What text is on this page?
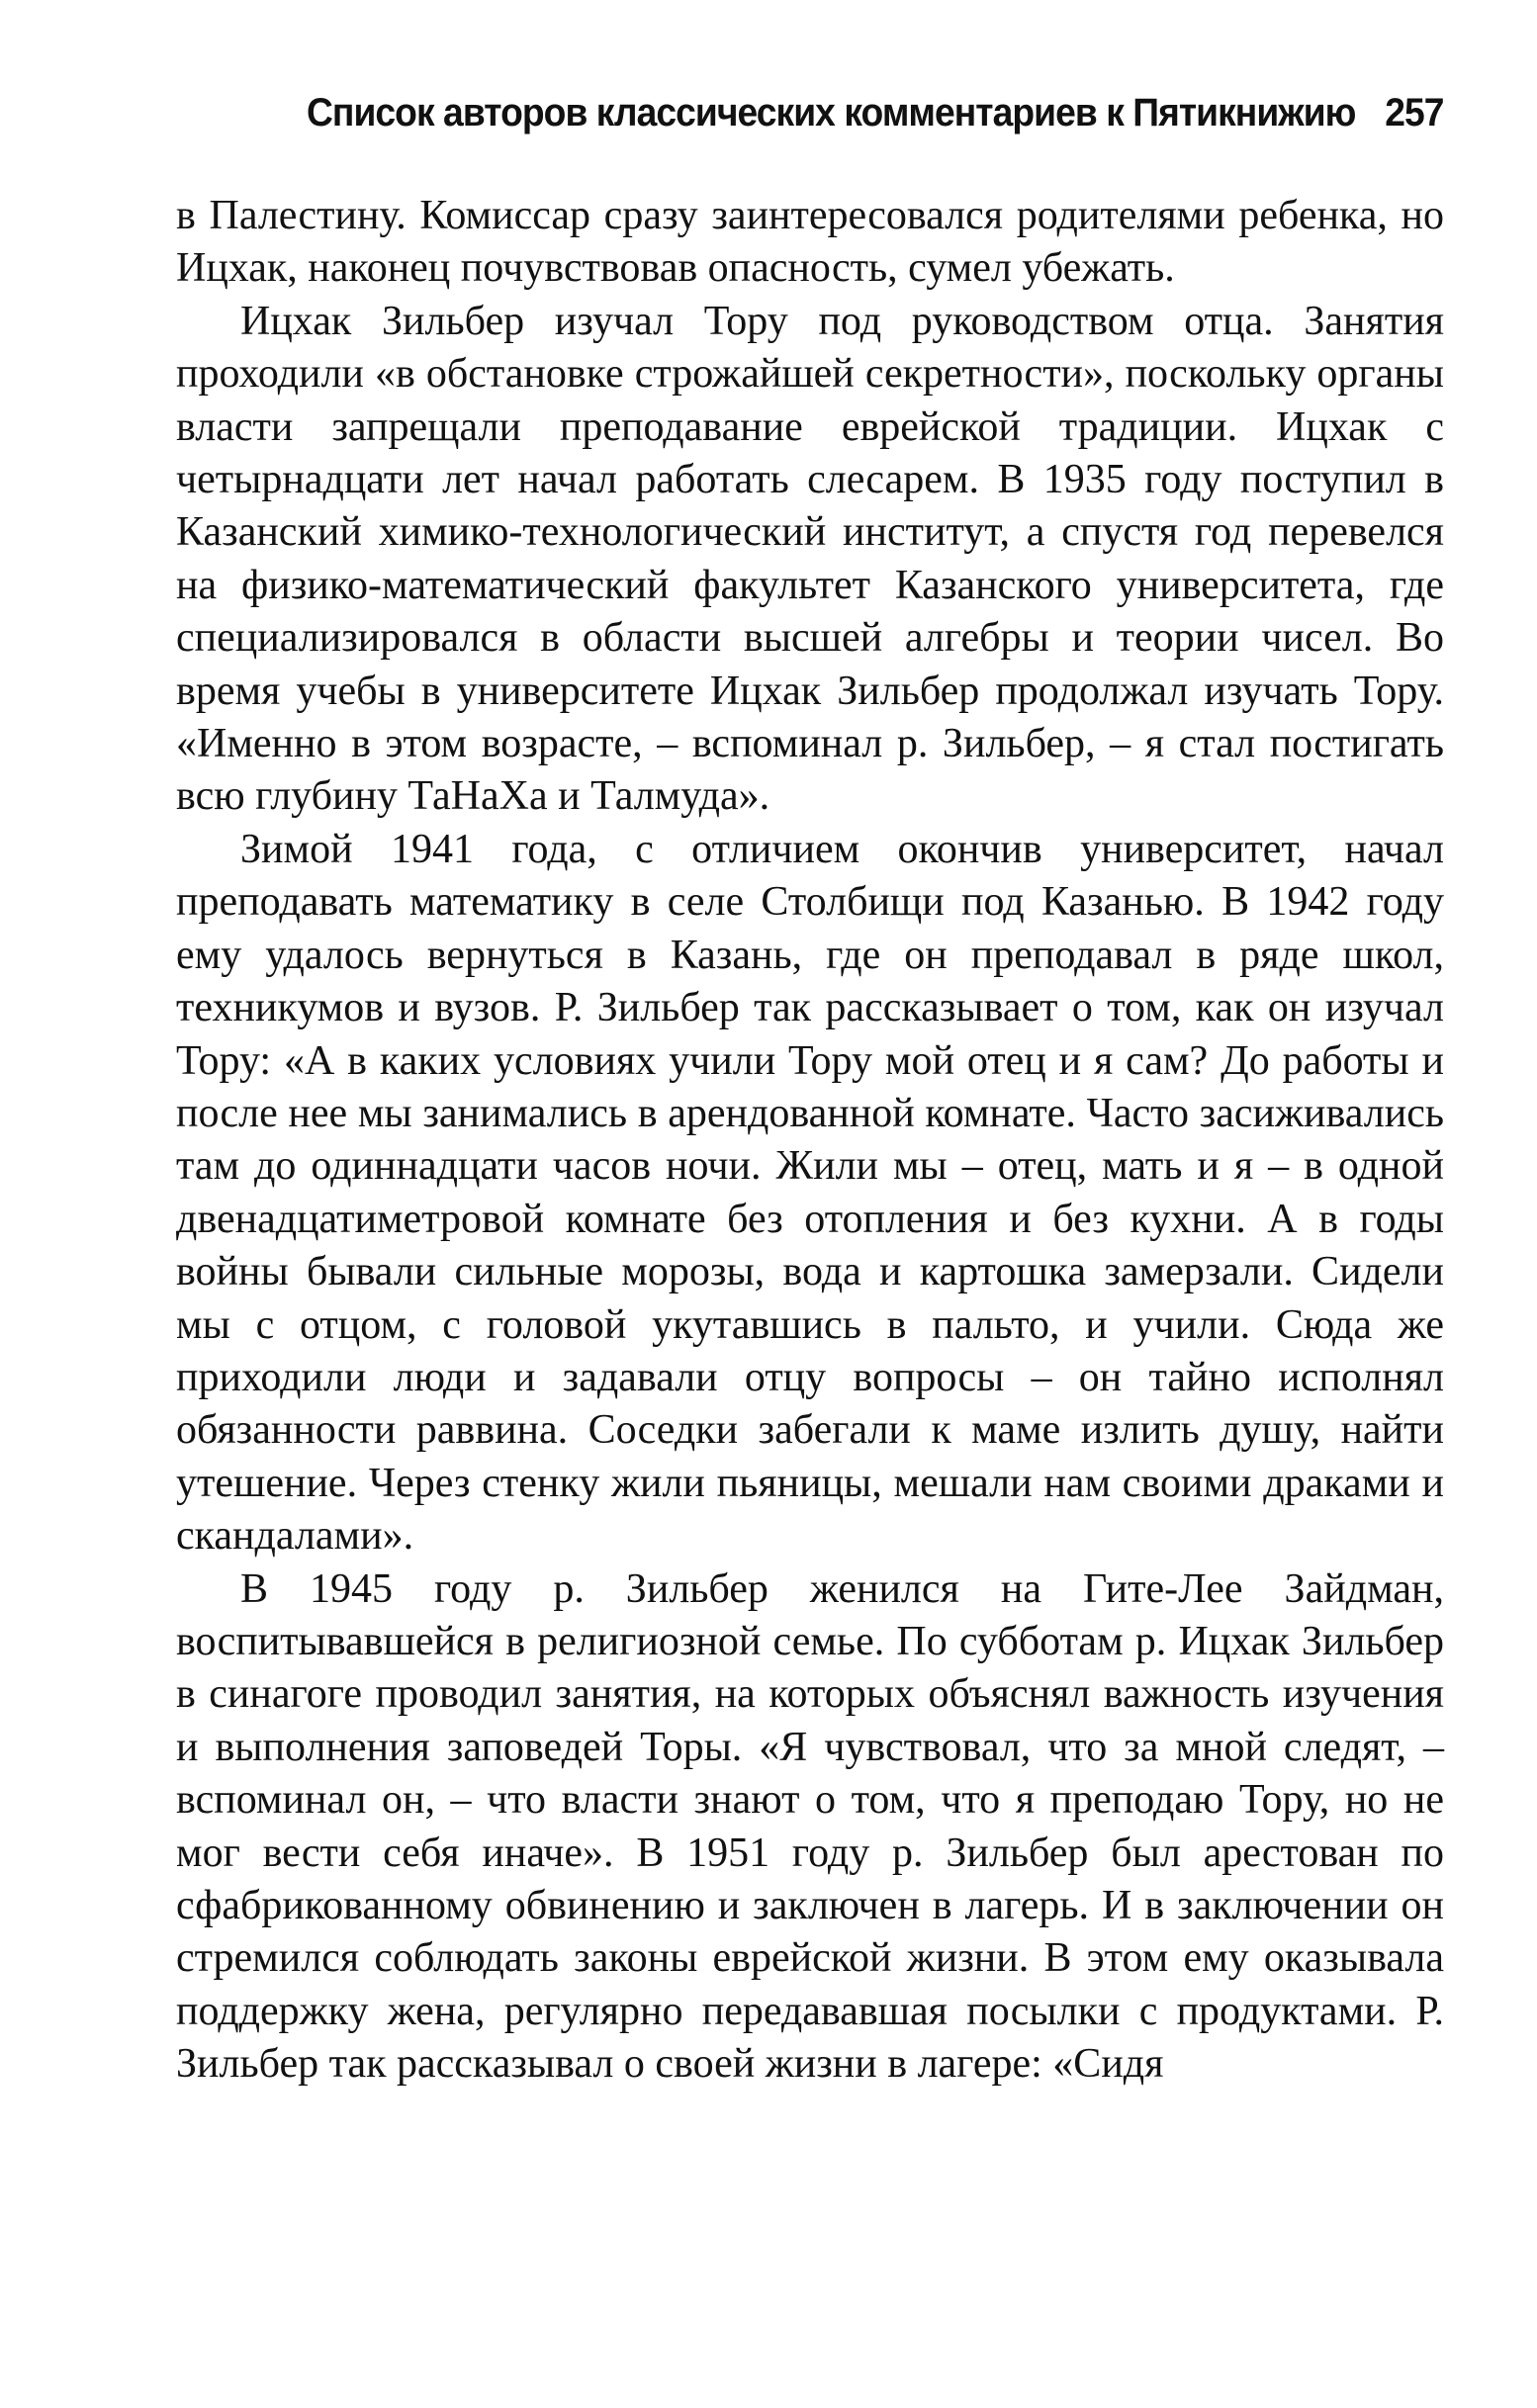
Список авторов классических комментариев к Пятикнижию 257

в Палестину. Комиссар сразу заинтересовался родителями ребенка, но Ицхак, наконец почувствовав опасность, сумел убежать.

Ицхак Зильбер изучал Тору под руководством отца. Занятия проходили «в обстановке строжайшей секретности», поскольку органы власти запрещали преподавание еврейской традиции. Ицхак с четырнадцати лет начал работать слесарем. В 1935 году поступил в Казанский химико-технологический институт, а спустя год перевелся на физико-математический факультет Казанского университета, где специализировался в области высшей алгебры и теории чисел. Во время учебы в университете Ицхак Зильбер продолжал изучать Тору. «Именно в этом возрасте, – вспоминал р. Зильбер, – я стал постигать всю глубину ТаНаХа и Талмуда».

Зимой 1941 года, с отличием окончив университет, начал преподавать математику в селе Столбищи под Казанью. В 1942 году ему удалось вернуться в Казань, где он преподавал в ряде школ, техникумов и вузов. Р. Зильбер так рассказывает о том, как он изучал Тору: «А в каких условиях учили Тору мой отец и я сам? До работы и после нее мы занимались в арендованной комнате. Часто засиживались там до одиннадцати часов ночи. Жили мы – отец, мать и я – в одной двенадцатиметровой комнате без отопления и без кухни. А в годы войны бывали сильные морозы, вода и картошка замерзали. Сидели мы с отцом, с головой укутавшись в пальто, и учили. Сюда же приходили люди и задавали отцу вопросы – он тайно исполнял обязанности раввина. Соседки забегали к маме излить душу, найти утешение. Через стенку жили пьяницы, мешали нам своими драками и скандалами».

В 1945 году р. Зильбер женился на Гите-Лее Зайдман, воспитывавшейся в религиозной семье. По субботам р. Ицхак Зильбер в синагоге проводил занятия, на которых объяснял важность изучения и выполнения заповедей Торы. «Я чувствовал, что за мной следят, – вспоминал он, – что власти знают о том, что я преподаю Тору, но не мог вести себя иначе». В 1951 году р. Зильбер был арестован по сфабрикованному обвинению и заключен в лагерь. И в заключении он стремился соблюдать законы еврейской жизни. В этом ему оказывала поддержку жена, регулярно передававшая посылки с продуктами. Р. Зильбер так рассказывал о своей жизни в лагере: «Сидя
